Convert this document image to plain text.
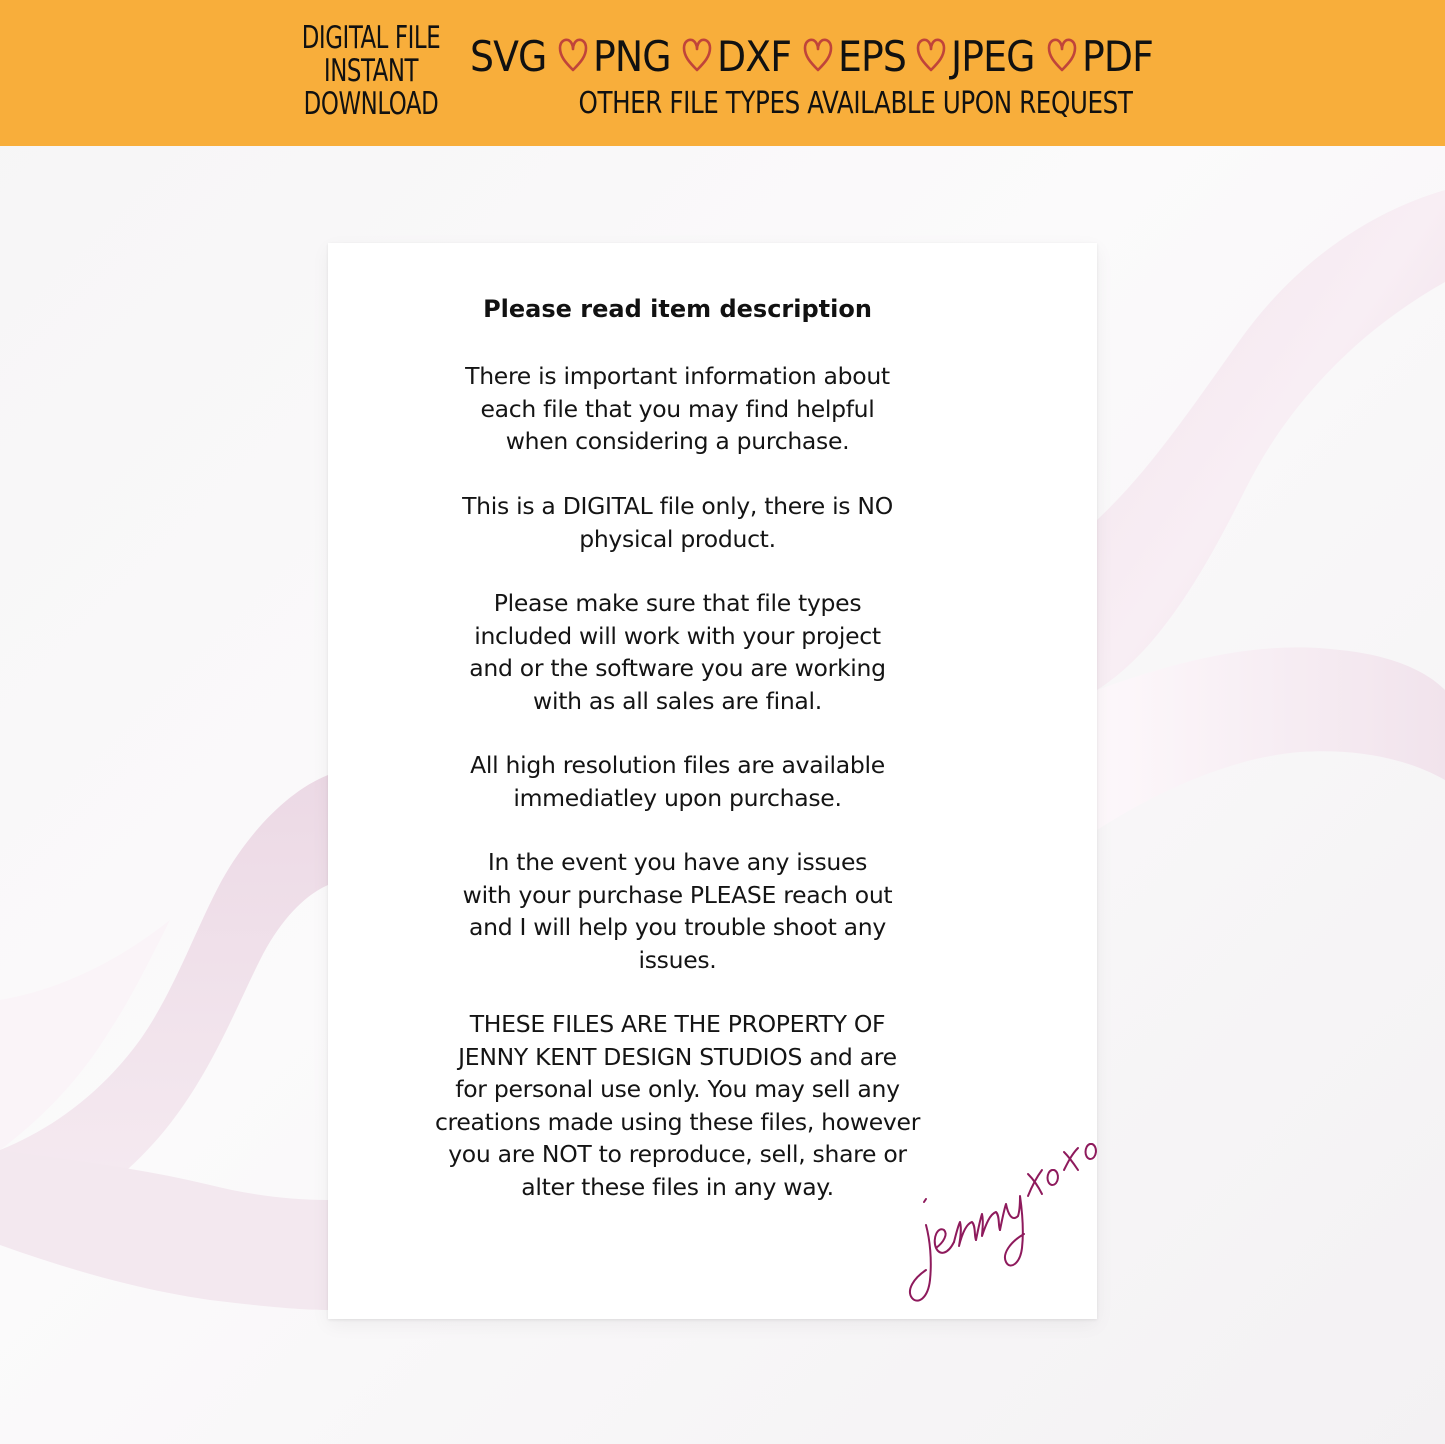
DIGITAL FILE
INSTANT
DOWNLOAD
SVG PNG DXF EPS JPEG PDF
OTHER FILE TYPES AVAILABLE UPON REQUEST
Please read item description
There is important information about
each file that you may find helpful
when considering a purchase.
This is a DIGITAL file only, there is NO
physical product.
Please make sure that file types
included will work with your project
and or the software you are working
with as all sales are final.
All high resolution files are available
immediatley upon purchase.
In the event you have any issues
with your purchase PLEASE reach out
and I will help you trouble shoot any
issues.
THESE FILES ARE THE PROPERTY OF
JENNY KENT DESIGN STUDIOS and are
for personal use only. You may sell any
creations made using these files, however
you are NOT to reproduce, sell, share or
alter these files in any way.
